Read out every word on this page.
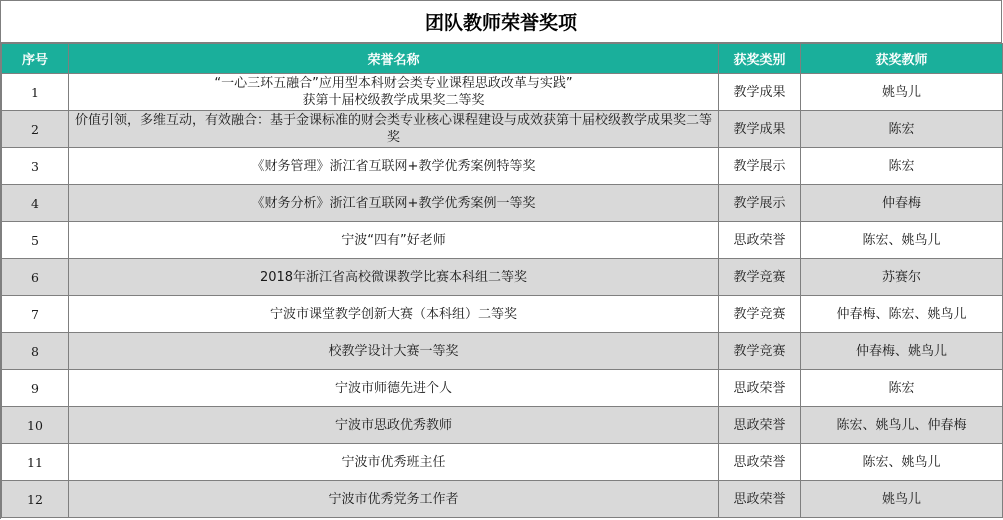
团队教师荣誉奖项
序号	荣誉名称	获奖类别	获奖教师
1	“一心三环五融合”应用型本科财会类专业课程思政改革与实践”
获第十届校级教学成果奖二等奖	教学成果	姚鸟儿
2	价值引领，多维互动，有效融合：基于金课标准的财会类专业核心课程建设与成效获第十届校级教学成果奖二等奖	教学成果	陈宏
3	《财务管理》浙江省互联网+教学优秀案例特等奖	教学展示	陈宏
4	《财务分析》浙江省互联网+教学优秀案例一等奖	教学展示	仲春梅
5	宁波“四有”好老师	思政荣誉	陈宏、姚鸟儿
6	2018年浙江省高校微课教学比赛本科组二等奖	教学竞赛	苏赛尔
7	宁波市课堂教学创新大赛（本科组）二等奖	教学竞赛	仲春梅、陈宏、姚鸟儿
8	校教学设计大赛一等奖	教学竞赛	仲春梅、姚鸟儿
9	宁波市师德先进个人	思政荣誉	陈宏
10	宁波市思政优秀教师	思政荣誉	陈宏、姚鸟儿、仲春梅
11	宁波市优秀班主任	思政荣誉	陈宏、姚鸟儿
12	宁波市优秀党务工作者	思政荣誉	姚鸟儿
